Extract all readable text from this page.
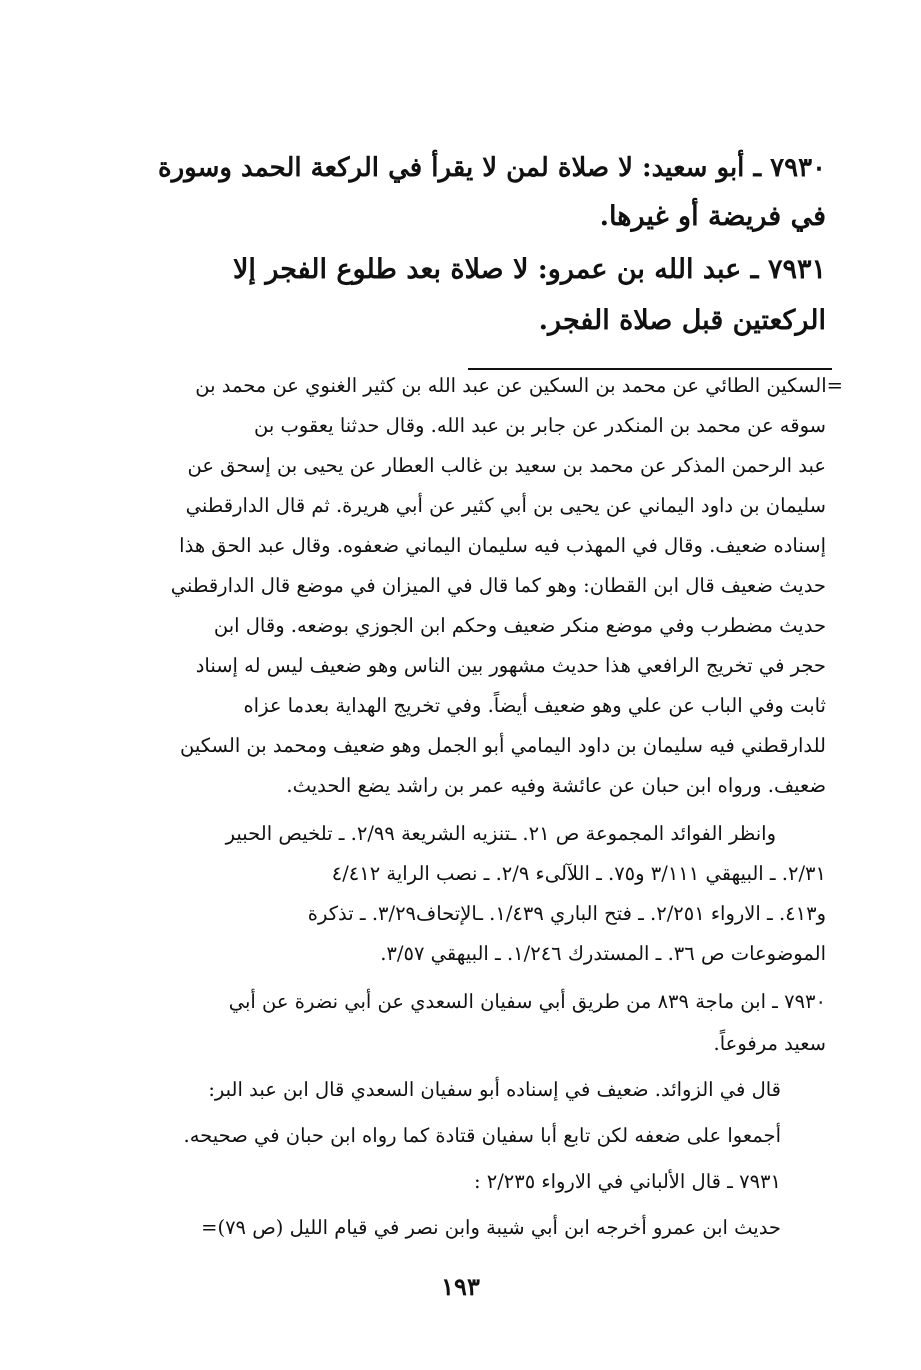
٧٩٣٠ ـ أبو سعيد: لا صلاة لمن لا يقرأ في الركعة الحمد وسورة
في فريضة أو غيرها.
٧٩٣١ ـ عبد الله بن عمرو: لا صلاة بعد طلوع الفجر إلا
الركعتين قبل صلاة الفجر.
=السكين الطائي عن محمد بن السكين عن عبد الله بن كثير الغنوي عن محمد بن
سوقه عن محمد بن المنكدر عن جابر بن عبد الله. وقال حدثنا يعقوب بن
عبد الرحمن المذكر عن محمد بن سعيد بن غالب العطار عن يحيى بن إسحق عن
سليمان بن داود اليماني عن يحيى بن أبي كثير عن أبي هريرة. ثم قال الدارقطني
إسناده ضعيف. وقال في المهذب فيه سليمان اليماني ضعفوه. وقال عبد الحق هذا
حديث ضعيف قال ابن القطان: وهو كما قال في الميزان في موضع قال الدارقطني
حديث مضطرب وفي موضع منكر ضعيف وحكم ابن الجوزي بوضعه. وقال ابن
حجر في تخريج الرافعي هذا حديث مشهور بين الناس وهو ضعيف ليس له إسناد
ثابت وفي الباب عن علي وهو ضعيف أيضاً. وفي تخريج الهداية بعدما عزاه
للدارقطني فيه سليمان بن داود اليمامي أبو الجمل وهو ضعيف ومحمد بن السكين
ضعيف. ورواه ابن حبان عن عائشة وفيه عمر بن راشد يضع الحديث.
وانظر الفوائد المجموعة ص ٢١. ـتنزيه الشريعة ٢/٩٩. ـ تلخيص الحبير
٢/٣١. ـ البيهقي ٣/١١١ و٧٥. ـ اللآلىء ٢/٩. ـ نصب الراية ٤/٤١٢
و٤١٣. ـ الارواء ٢/٢٥١. ـ فتح الباري ١/٤٣٩. ـالإتحاف٣/٢٩. ـ تذكرة
الموضوعات ص ٣٦. ـ المستدرك ١/٢٤٦. ـ البيهقي ٣/٥٧.
٧٩٣٠ ـ ابن ماجة ٨٣٩ من طريق أبي سفيان السعدي عن أبي نضرة عن أبي
سعيد مرفوعاً.
قال في الزوائد. ضعيف في إسناده أبو سفيان السعدي قال ابن عبد البر:
أجمعوا على ضعفه لكن تابع أبا سفيان قتادة كما رواه ابن حبان في صحيحه.
٧٩٣١ ـ قال الألباني في الارواء ٢/٢٣٥ :
حديث ابن عمرو أخرجه ابن أبي شيبة وابن نصر في قيام الليل (ص ٧٩)=
١٩٣
